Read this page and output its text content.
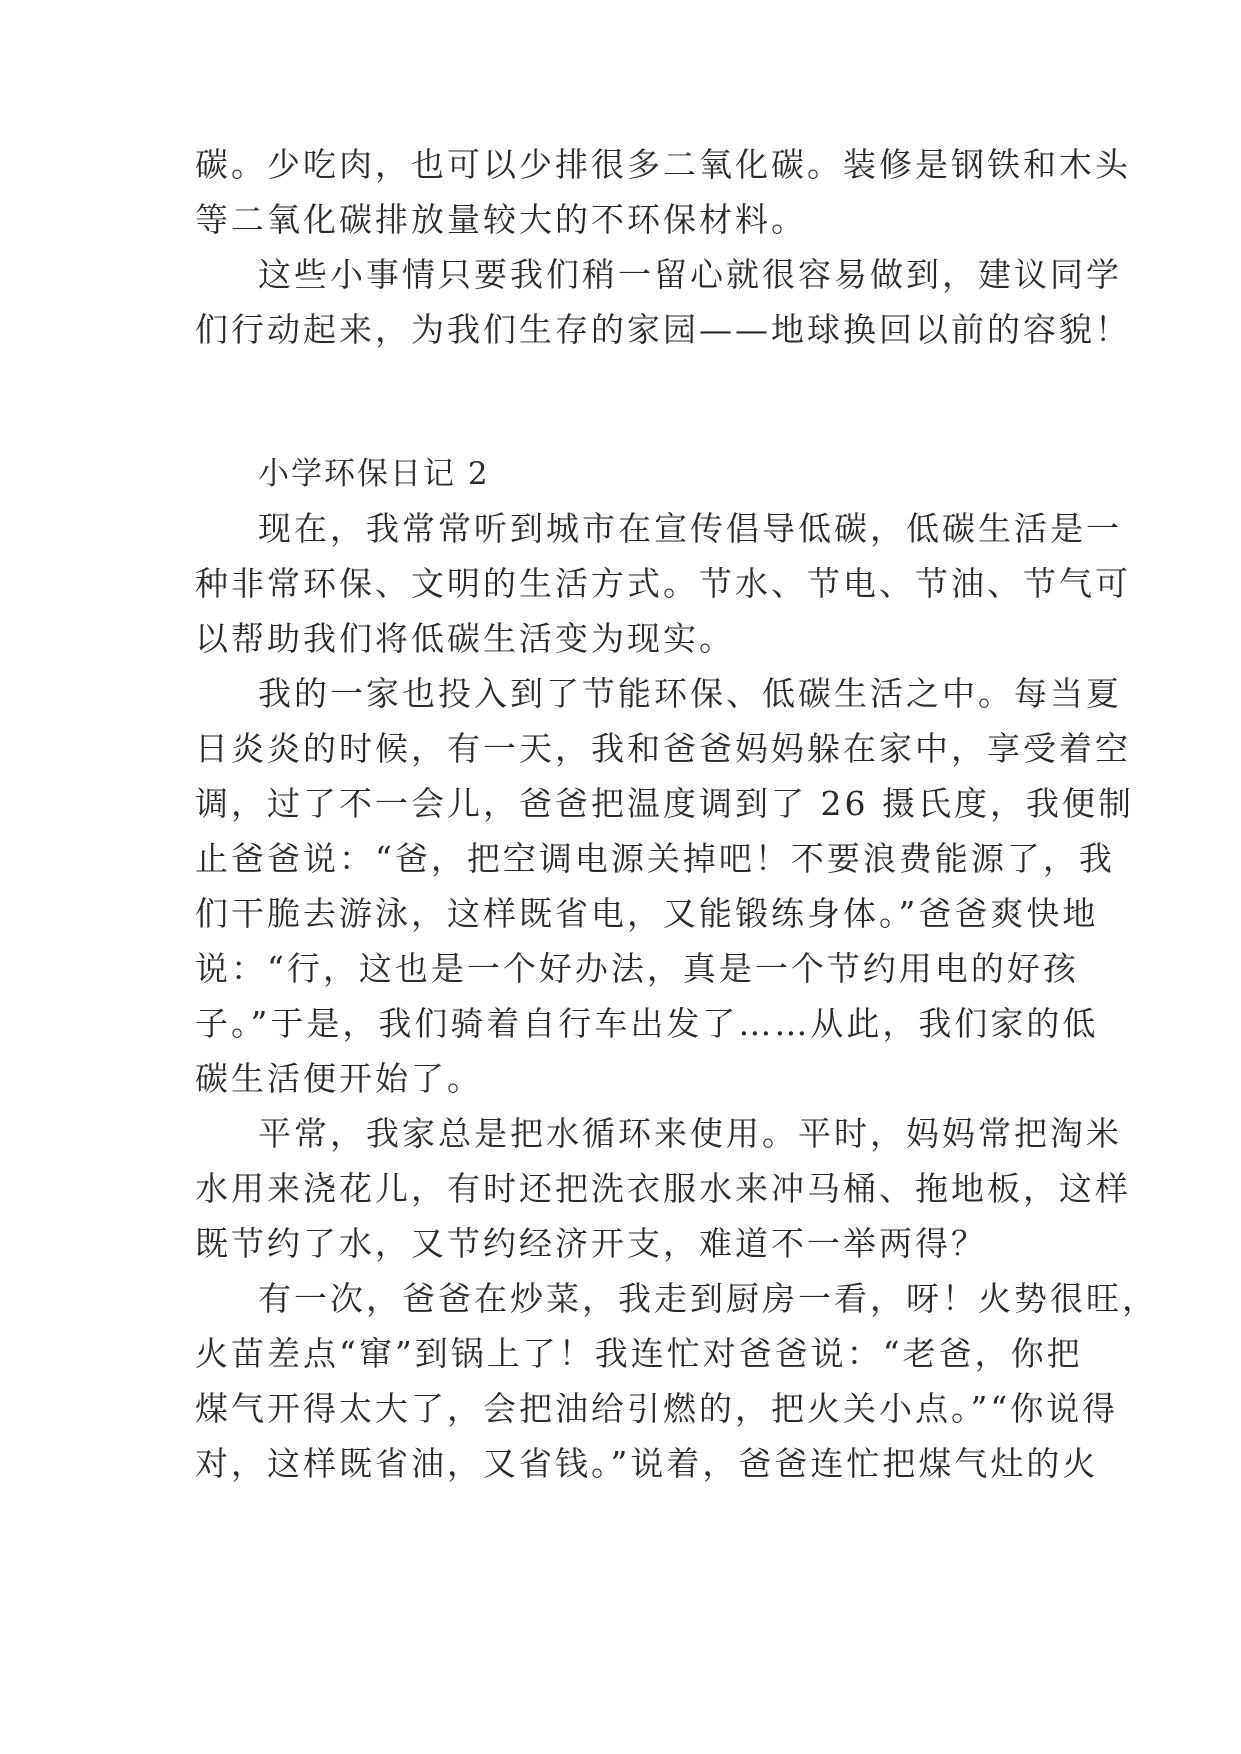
碳。少吃肉，也可以少排很多二氧化碳。装修是钢铁和木头
等二氧化碳排放量较大的不环保材料。
这些小事情只要我们稍一留心就很容易做到，建议同学
们行动起来，为我们生存的家园——地球换回以前的容貌！
小学环保日记 2
现在，我常常听到城市在宣传倡导低碳，低碳生活是一
种非常环保、文明的生活方式。节水、节电、节油、节气可
以帮助我们将低碳生活变为现实。
我的一家也投入到了节能环保、低碳生活之中。每当夏
日炎炎的时候，有一天，我和爸爸妈妈躲在家中，享受着空
调，过了不一会儿，爸爸把温度调到了 26 摄氏度，我便制
止爸爸说：“爸，把空调电源关掉吧！不要浪费能源了，我
们干脆去游泳，这样既省电，又能锻练身体。”爸爸爽快地
说：“行，这也是一个好办法，真是一个节约用电的好孩
子。”于是，我们骑着自行车出发了……从此，我们家的低
碳生活便开始了。
平常，我家总是把水循环来使用。平时，妈妈常把淘米
水用来浇花儿，有时还把洗衣服水来冲马桶、拖地板，这样
既节约了水，又节约经济开支，难道不一举两得？
有一次，爸爸在炒菜，我走到厨房一看，呀！火势很旺，
火苗差点“窜”到锅上了！我连忙对爸爸说：“老爸，你把
煤气开得太大了，会把油给引燃的，把火关小点。”“你说得
对，这样既省油，又省钱。”说着，爸爸连忙把煤气灶的火
